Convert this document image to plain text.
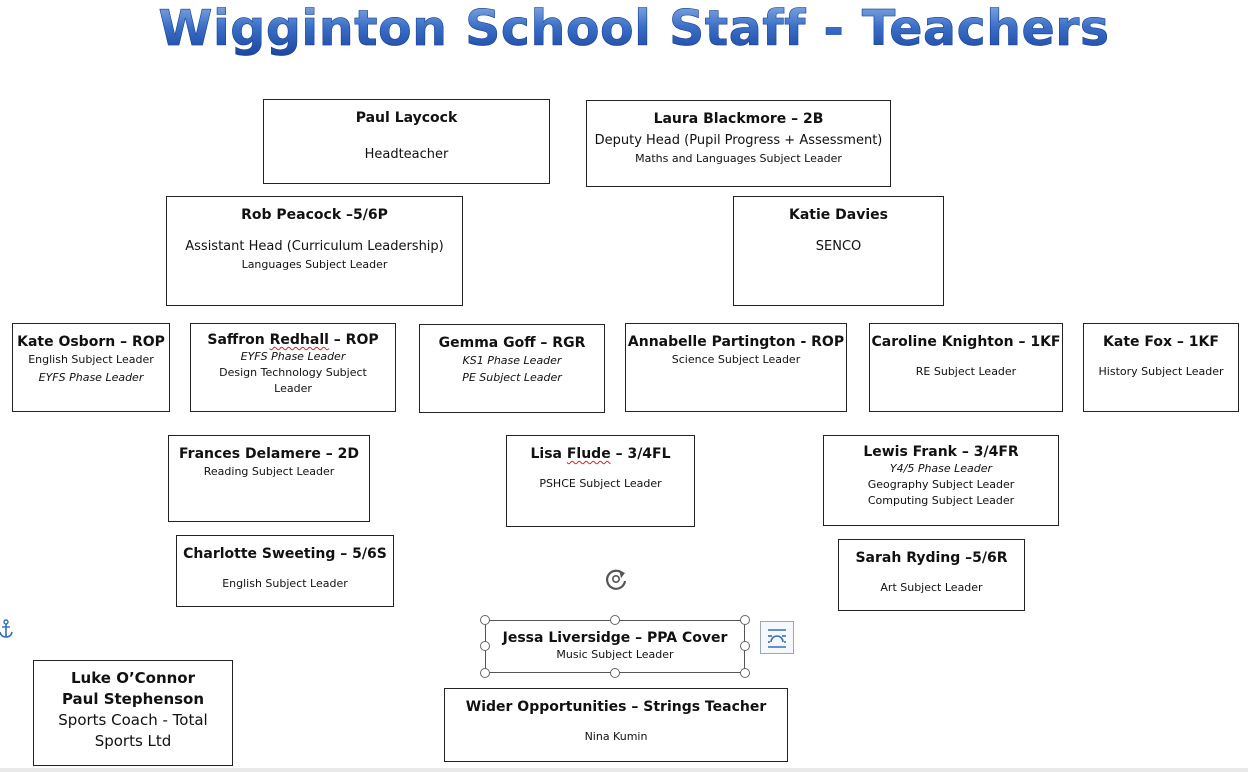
Wigginton School Staff - Teachers
Paul Laycock
Headteacher
Laura Blackmore – 2B
Deputy Head (Pupil Progress + Assessment)
Maths and Languages Subject Leader
Rob Peacock –5/6P
Assistant Head (Curriculum Leadership)
Languages Subject Leader
Katie Davies
SENCO
Kate Osborn – ROP
English Subject Leader
EYFS Phase Leader
Saffron Redhall – ROP
EYFS Phase Leader
Design Technology Subject Leader
Gemma Goff – RGR
KS1 Phase Leader
PE Subject Leader
Annabelle Partington - ROP
Science Subject Leader
Caroline Knighton – 1KF
RE Subject Leader
Kate Fox – 1KF
History Subject Leader
Frances Delamere – 2D
Reading Subject Leader
Lisa Flude – 3/4FL
PSHCE Subject Leader
Lewis Frank – 3/4FR
Y4/5 Phase Leader
Geography Subject Leader
Computing Subject Leader
Charlotte Sweeting – 5/6S
English Subject Leader
Sarah Ryding –5/6R
Art Subject Leader
Jessa Liversidge – PPA Cover
Music Subject Leader
Luke O’Connor
Paul Stephenson
Sports Coach - Total Sports Ltd
Wider Opportunities – Strings Teacher
Nina Kumin
